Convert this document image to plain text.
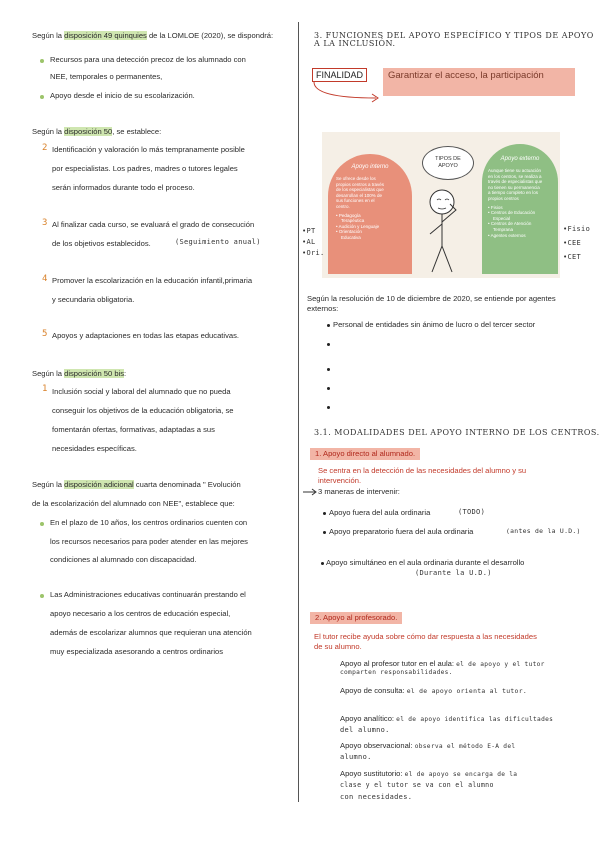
Según la disposición 49 quinquies de la LOMLOE (2020), se dispondrá:
Recursos para una detección precoz de los alumnado con
NEE, temporales o permanentes,
Apoyo desde el inicio de su escolarización.
Según la disposición 50, se establece:
2 Identificación y valoración lo más tempranamente posible
por especialistas. Los padres, madres o tutores legales
serán informados durante todo el proceso.
3 Al finalizar cada curso, se evaluará el grado de consecución
de los objetivos establecidos.	(Seguimiento anual)
4 Promover la escolarización en la educación infantil,primaria
y secundaria obligatoria.
5 Apoyos y adaptaciones en todas las etapas educativas.
Según la disposición 50 bis:
1 Inclusión social y laboral del alumnado que no pueda
conseguir los objetivos de la educación obligatoria, se
fomentarán ofertas, formativas, adaptadas a sus
necesidades específicas.
Según la disposición adicional cuarta denominada " Evolución
de la escolarización del alumnado con NEE", establece que:
En el plazo de 10 años, los centros ordinarios cuenten con
los recursos necesarios para poder atender en las mejores
condiciones al alumnado con discapacidad.
Las Administraciones educativas continuarán prestando el
apoyo necesario a los centros de educación especial,
además de escolarizar alumnos que requieran una atención
muy especializada asesorando a centros ordinarios
3. FUNCIONES DEL APOYO ESPECÍFICO Y TIPOS DE APOYO
A LA INCLUSIÓN.
FINALIDAD	Garantizar el acceso, la participación
Apoyo interno
Se ofrece desde los
propios centros a través
de los especialistas que
desarrollan el 100% de
sus funciones en el
centro.
• Pedagogía
Terapéutica
• Audición y Lenguaje
• Orientación
Educativa
Apoyo externo
Aunque tiene su actuación
en los centros, se realiza a
través de especialistas que
no tienen su permanencia
a tiempo completo en los
propios centros
• Fisios
• Centros de Educación
Especial
• Centros de Atención
Temprana
• Agentes externos
TIPOS DE
APOYO
•PT
•AL
•Ori.
•Fisio
•CEE
•CET
Según la resolución de 10 de diciembre de 2020, se entiende por agentes
externos:
Personal de entidades sin ánimo de lucro o del tercer sector
3.1. MODALIDADES DEL APOYO INTERNO DE LOS CENTROS.
1. Apoyo directo al alumnado.
Se centra en la detección de las necesidades del alumno y su
intervención.
3 maneras de intervenir:
Apoyo fuera del aula ordinaria	(TODO)
Apoyo preparatorio fuera del aula ordinaria	(antes de la U.D.)
Apoyo simultáneo en el aula ordinaria durante el desarrollo
(Durante la U.D.)
2. Apoyo al profesorado.
El tutor recibe ayuda sobre cómo dar respuesta a las necesidades
de su alumno.
Apoyo al profesor tutor en el aula: el de apoyo y el tutor
comparten responsabilidades.
Apoyo de consulta: el de apoyo orienta al tutor.
Apoyo analítico: el de apoyo identifica las dificultades
del alumno.
Apoyo observacional: observa el método E-A del
alumno.
Apoyo sustitutorio: el de apoyo se encarga de la
clase y el tutor se va con el alumno
con necesidades.
